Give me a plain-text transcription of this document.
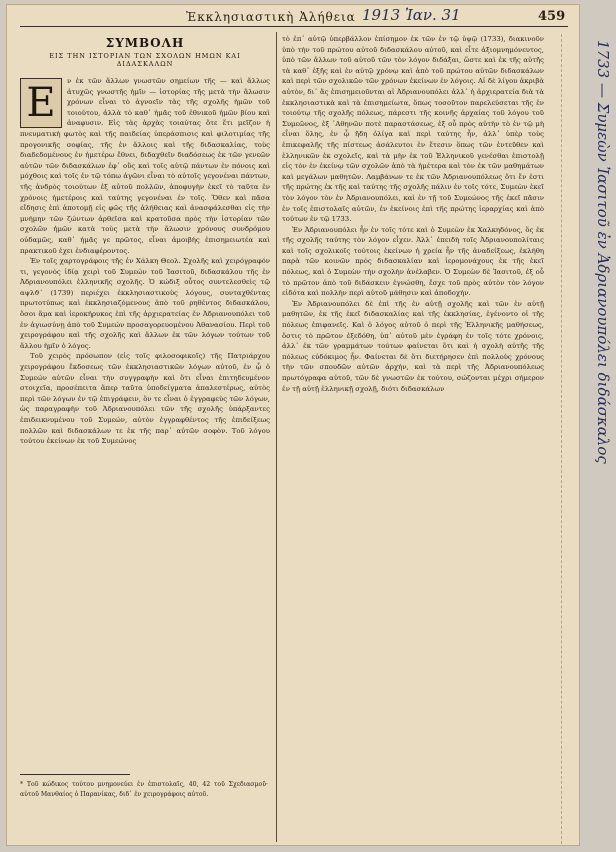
Ἐκκλησιαστικὴ Ἀλήθεια 1913 Ἰαν. 31	459
ΣΥΜΒΟΛΗ
ΕΙΣ ΤΗΝ ΙΣΤΟΡΙΑΝ ΤΩΝ ΣΧΟΛΩΝ ΗΜΩΝ ΚΑΙ ΔΙΔΑΣΚΑΛΩΝ
Ε	ν ἐκ τῶν ἄλλων γνωστῶν σημείων τῆς — καὶ ἄλλως ἀτυχῶς γνωστῆς ἡμῖν — ἱστορίας τῆς μετὰ τὴν ἅλωσιν χρόνων εἶναι τὸ ἀγνοεῖν τὰς τῆς σχολῆς ἡμῶν τοῦ τοιούτου, ἀλλὰ τὸ καθ᾿ ἡμᾶς τοῦ ἐθνικοῦ ἡμῶν βίου καὶ ἀναφυσιν. Εἰς τὰς ἀρχὰς τοιαύτας ὅτε ἔτι μεῖζον ἡ πνευματικὴ φωτὸς καὶ τῆς παιδείας ὑπεράσπισις καὶ φιλοτιμίας τῆς προγονικῆς σοφίας, τῆς ἐν ἄλλοις καὶ τῆς διδασκαλίας, τοὺς διαδεδομένους ἐν ἡμετέρω ἔθνει, διδαχθεῖν διαδόσεως ἐκ τῶν γενεῶν αὐτῶν τῶν διδασκάλων ἐφ᾿ οὓς καὶ τοῖς αὐτῷ πάντων ἐν πόνοις καὶ μόχθοις καὶ τοῖς ἐν τῷ τόπω ἀγῶνι εἶναι τὸ αὐτοῖς γεγονέναι πάντων, τῆς ἀνδρὸς τοιούτων ἐξ αὐτοῦ πολλῶν, ἀποφυγὴν ἐκεῖ τὸ ταῦτα ἐν χρόνοις ἡμετέροις καὶ ταύτης γεγονέναι ἐν τοῖς. Ὅθεν καὶ πᾶσα εἴδησις ἐπὶ ἀποτομῇ εἰς φῶς τῆς ἀλήθειας καὶ ἀνασφάλεσθαι εἰς τὴν μνήμην τῶν ζώντων ἀρθεῖσα καὶ κρατοῦσα πρὸς τὴν ἱστορίαν τῶν σχολῶν ἡμῶν κατὰ τοὺς μετὰ τὴν ἅλωσιν χρόνους συνδρόμου οὐδαμῶς, καθ᾿ ἡμᾶς γε πρῶτος, εἶναι ἀμοιβὴς ἐπισημειωτέα καὶ πρακτικοῦ ἐχει ἐνδιαφέροντος.

Ἐν τοῖς χαρτογράφοις τῆς ἐν Χάλκη Θεολ. Σχολῆς καὶ χειρόγραφόν τι, γεγονὸς ἰδίᾳ χειρὶ τοῦ Συμεών τοῦ Ἰασιτοῦ, διδασκάλου τῆς ἐν Ἀδριανουπόλει ἑλληνικῆς σχολῆς. Ὁ κώδιξ οὗτος συντελεσθεὶς τῷ αψλϑ΄ (1739) περιέχει ἐκκλησιαστικοὺς λόγους, συνταχθέντας πρωτοτύπως καὶ ἐκκλησιαζόμενους ἀπὸ τοῦ ρηθέντος διδασκάλου, ὅσοι ἅμα καὶ ἱεροκήρυκος ἐπὶ τῆς ἀρχιερατείας ἐν Ἀδριανουπόλει τοῦ ἐν ἀγιωσύνῃ ἀπὸ τοῦ Συμεών προσαγορευομένου Ἀθανασίου. Περὶ τοῦ χειρογράφου καὶ τῆς σχολῆς καὶ ἄλλων ἐκ τῶν λόγων τούτων τοῦ ἄλλου ἡμῖν ὁ λόγος.

Τοῦ χειρὸς πρόσωπον (εἰς τοῖς φιλοσοφικοῖς) τῆς Πατριάρχου χειρογράφου ἔκδοσεως τῶν ἐκκλησιαστικῶν λόγων αὐτοῦ, ἐν ᾧ ὁ Συμεών αὐτῶν εἶναι τὴν συγγραφὴν καὶ ὅτι εἶναι ἐπιτηδευμένον στοιχεῖα, προσέπειτα ἅπερ ταῦτα ὑποδείγματα ἀπαλεστέρως, αὐτὸς περὶ τῶν λόγων ἐν τῷ ἐπιγράφειν, ὃν τε εἶναι ὁ ἐγγραφεὺς τῶν λόγων, ὡς παραγραφὴν τοῦ Ἀδριανουπόλει τῶν τῆς σχολῆς ὑπάρξαντες ἐπιδεικνυμένου τοῦ Συμεών, αὐτὸν ἐγγραφθέντος τῆς ἐπιδείξεως πολλῶν καὶ διδασκάλων τε ἐκ τῆς παρ᾿ αὐτῶν σοφὸν. Τοῦ λόγου τούτου ἐκείνων ἐκ τοῦ Συμεώνος

τὸ ἐπ᾿ αὐτῷ ὑπερβάλλον ἐπίσημον ἐκ τῶν ἐν τῷ ὑψῷ (1733), διακινοῦν ὑπὸ τὴν τοῦ πρώτου αὐτοῦ διδασκάλου αὐτοῦ, καὶ εἶτε ἀξιομνημόνευτος, ὑπὸ τῶν ἄλλων τοῦ αὐτοῦ τῶν τὸν λόγον διδάξαι, ὥστε καὶ ἐκ τῆς αὐτῆς τὰ καθ᾿ ἑξῆς καὶ ἐν αὐτῷ χρόνῳ καὶ ἀπὸ τοῦ πρώτου αὐτῶν διδασκάλων καὶ περὶ τῶν σχολικῶν τῶν χρόνων ἐκείνων ἐν λόγοις. Αἱ δὲ λίγου ἀκριβὰ αὐτὸν, δι᾿ ἃς ἐπισημειοῦνται αἱ Ἀδριανουπόλει ἀλλ᾿ ἡ ἀρχιερατεία διὰ τὰ ἐκκλησιαστικὰ καὶ τὰ ἐπισημείωτα, ὅπως τοσοῦτον παρελεύσεται τῆς ἐν τοιούτῳ τῆς σχολῆς πόλεως, πάρεστι τῆς κοινῆς ἀρχαίας τοῦ λόγου τοῦ Συμεῶνος, ἐξ ᾿Αθηνῶν ποτὲ παραστάσεως, ἐξ οὗ πρὸς αὐτὴν τὸ ἐν τῷ μὴ εἶναι ὅλης, ἐν ᾧ ἤδη ὀλίγα καὶ περὶ ταύτης ἦν, ἀλλ᾿ ὑπὲρ τοὺς ἐπικεφαλῆς τῆς πίστεως ἀσάλευτοι ἐν ἔτεσιν ὅπως τῶν ἐντεῦθεν καὶ ἑλληνικῶν ἐκ σχολεῖς, καὶ τὰ μὴν ἐκ τοῦ Ἑλληνικοῦ γενέσθαι ἐπιστολῇ εἰς τὸν ἐν ἐκείνῳ τῶν σχολῶν ἀπὸ τὰ ἡμέτερα καὶ τὸν ἐκ τῶν μαθημάτων καὶ μεγάλων μαθητῶν. Λαμβάνων τε ἐκ τῶν Ἀδριανουπόλεως ὅτι ἔν ἐστι τῆς πρώτης ἐκ τῆς καὶ ταύτης τῆς σχολῆς πάλιν ἐν τοῖς τότε, Συμεὼν ἐκεῖ τὸν λόγον τὸν ἐν Ἀδριανουπόλει, καὶ ἐν τῇ τοῦ Συμεώνος τῆς ἐκεῖ πᾶσιν ἐν τοῖς ἐπιστολαῖς αὐτῶν, ἐν ἐκείνοις ἐπὶ τῆς πρώτης ἱεραρχίας καὶ ἀπὸ τούτων ἐν τῷ 1733.

Ἐν Ἀδριανουπόλει ἦν ἐν τοῖς τότε καὶ ὁ Συμεὼν ἐκ Χαλκηδόνος, ὅς ἐκ τῆς σχολῆς ταύτης τὸν λόγον εἶχεν. Ἀλλ᾿ ἐπειδὴ τοῖς Ἀδριανουπολίταις καὶ τοῖς σχολικοῖς τούτοις ἐκείνων ἡ χρεία ἦν τῆς ἀναδείξεως, ἐκλήθη παρὰ τῶν κοινῶν πρὸς διδασκαλίαν καὶ ἱερομονάχους ἐκ τῆς ἐκεῖ πόλεως, καὶ ὁ Συμεὼν τὴν σχολὴν ἀνέλαβεν. Ὁ Συμεὼν δὲ Ἰασιτοῦ, ἐξ οὗ τὸ πρῶτον ἀπὸ τοῦ διδάσκειν ἐγνώσθη, ἔσχε τοῦ πρὸς αὐτὸν τὸν λόγον εἰδότα καὶ πολλὴν περὶ αὐτοῦ μάθησιν καὶ ἀποδοχήν.

Ἐν Ἀδριανουπόλει δὲ ἐπὶ τῆς ἐν αὐτῇ σχολῆς καὶ τῶν ἐν αὐτῇ μαθητῶν, ἐκ τῆς ἐκεῖ διδασκαλίας καὶ τῆς ἐκκλησίας, ἐγένοντο οἱ τῆς πόλεως ἐπιφανεῖς. Καὶ ὁ λόγος αὐτοῦ ὁ περὶ τῆς Ἑλληνικῆς μαθήσεως, ὅστις τὸ πρῶτον ἐξεδόθη, ὑπ᾿ αὐτοῦ μὲν ἐγράφη ἐν τοῖς τότε χρόνοις, ἀλλ᾿ ἐκ τῶν γραμμάτων τούτων φαίνεται ὅτι καὶ ἡ σχολὴ αὐτῆς τῆς πόλεως εὐδόκιμος ἦν. Φαίνεται δὲ ὅτι διετήρησεν ἐπὶ πολλοὺς χρόνους τὴν τῶν σπουδῶν αὐτῶν ἀρχήν, καὶ τὰ περὶ τῆς Ἀδριανουπόλεως πρωτόγραφα αὐτοῦ, τῶν δὲ γνωστῶν ἐκ τούτου, σώζονται μέχρι σήμερον ἐν τῇ αὐτῇ ἑλληνικῇ σχολῇ, διότι διδασκάλων

* Τοῦ κώδικος τούτου μνημονεύει ἐν ἐπιστολαῖς, 40, 42 τοῦ Σχεδιασμοῦ· αὐτοῦ Μανθαίος ὁ Παρανίκας, διδ᾿ ἐν χειρογράφοις αὐτοῦ.
1733 — Συμεὼν Ἰασιτοῦ ἐν Ἀδριανουπόλει διδάσκαλος
